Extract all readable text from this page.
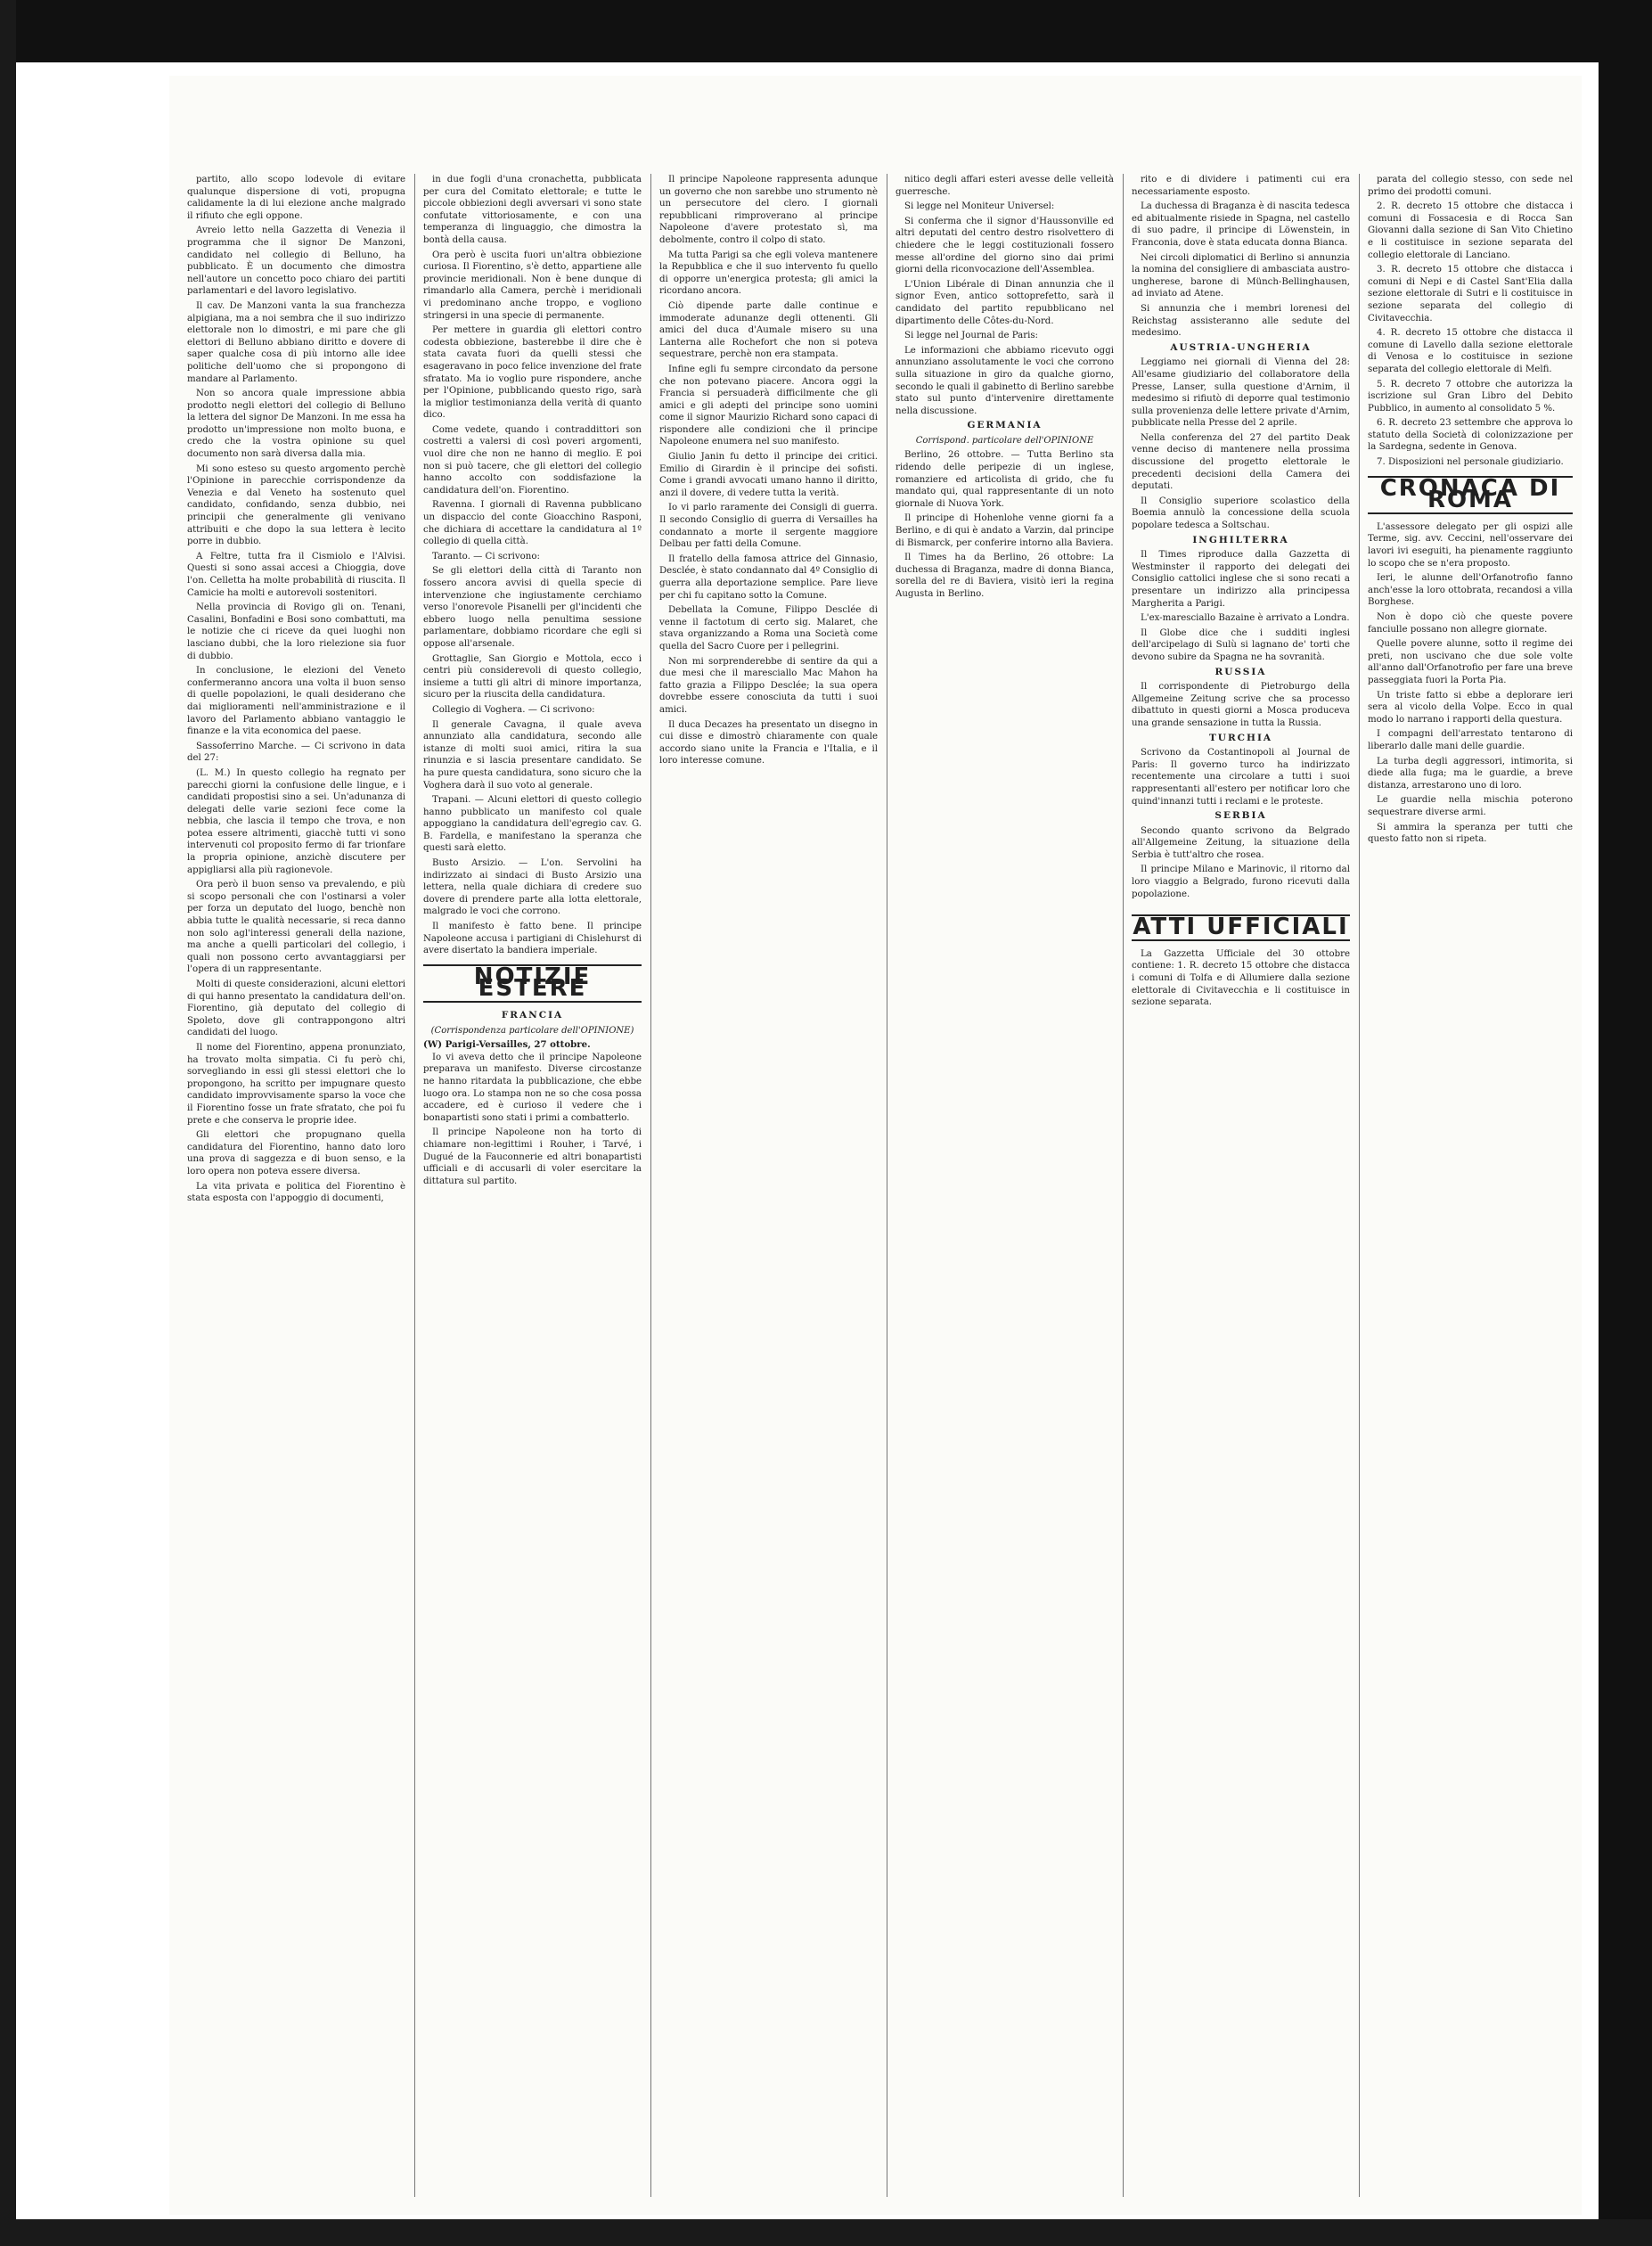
partito, allo scopo lodevole di evitare qualunque dispersione di voti, propugna calidamente la di lui elezione anche malgrado il rifiuto che egli oppone.

Avreio letto nella Gazzetta di Venezia il programma che il signor De Manzoni, candidato nel collegio di Belluno, ha pubblicato. È un documento che dimostra nell'autore un concetto poco chiaro dei partiti parlamentari e del lavoro legislativo.

Il cav. De Manzoni vanta la sua franchezza alpigiana, ma a noi sembra che il suo indirizzo elettorale non lo dimostri, e mi pare che gli elettori di Belluno abbiano diritto e dovere di saper qualche cosa di più intorno alle idee politiche dell'uomo che si propongono di mandare al Parlamento.

Non so ancora quale impressione abbia prodotto negli elettori del collegio di Belluno la lettera del signor De Manzoni. In me essa ha prodotto un'impressione non molto buona, e credo che la vostra opinione su quel documento non sarà diversa dalla mia.

Mi sono esteso su questo argomento perchè l'Opinione in parecchie corrispondenze da Venezia e dal Veneto ha sostenuto quel candidato, confidando, senza dubbio, nei principii che generalmente gli venivano attribuiti e che dopo la sua lettera è lecito porre in dubbio.

A Feltre, tutta fra il Cismiolo e l'Alvisi. Questi si sono assai accesi a Chioggia, dove l'on. Celletta ha molte probabilità di riuscita. Il Camicie ha molti e autorevoli sostenitori.

Nella provincia di Rovigo gli on. Tenani, Casalini, Bonfadini e Bosi sono combattuti, ma le notizie che ci riceve da quei luoghi non lasciano dubbi, che la loro rielezione sia fuor di dubbio.

In conclusione, le elezioni del Veneto confermeranno ancora una volta il buon senso di quelle popolazioni, le quali desiderano che dai miglioramenti nell'amministrazione e il lavoro del Parlamento abbiano vantaggio le finanze e la vita economica del paese.

Sassoferrino Marche. — Ci scrivono in data del 27:

(L. M.) In questo collegio ha regnato per parecchi giorni la confusione delle lingue, e i candidati propostisi sino a sei. Un'adunanza di delegati delle varie sezioni fece come la nebbia, che lascia il tempo che trova, e non potea essere altrimenti, giacchè tutti vi sono intervenuti col proposito fermo di far trionfare la propria opinione, anzichè discutere per appigliarsi alla più ragionevole.

Ora però il buon senso va prevalendo, e più si scopo personali che con l'ostinarsi a voler per forza un deputato del luogo, benchè non abbia tutte le qualità necessarie, si reca danno non solo agl'interessi generali della nazione, ma anche a quelli particolari del collegio, i quali non possono certo avvantaggiarsi per l'opera di un rappresentante.

Molti di queste considerazioni, alcuni elettori di qui hanno presentato la candidatura dell'on. Fiorentino, già deputato del collegio di Spoleto, dove gli contrappongono altri candidati del luogo.

Il nome del Fiorentino, appena pronunziato, ha trovato molta simpatia. Ci fu però chi, sorvegliando in essi gli stessi elettori che lo propongono, ha scritto per impugnare questo candidato improvvisamente sparso la voce che il Fiorentino fosse un frate sfratato, che poi fu prete e che conserva le proprie idee.

Gli elettori che propugnano quella candidatura del Fiorentino, hanno dato loro una prova di saggezza e di buon senso, e la loro opera non poteva essere diversa.

La vita privata e politica del Fiorentino è stata esposta con l'appoggio di documenti,

in due fogli d'una cronachetta, pubblicata per cura del Comitato elettorale; e tutte le piccole obbiezioni degli avversari vi sono state confutate vittoriosamente, e con una temperanza di linguaggio, che dimostra la bontà della causa.

Ora però è uscita fuori un'altra obbiezione curiosa. Il Fiorentino, s'è detto, appartiene alle provincie meridionali. Non è bene dunque di rimandarlo alla Camera, perchè i meridionali vi predominano anche troppo, e vogliono stringersi in una specie di permanente.

Per mettere in guardia gli elettori contro codesta obbiezione, basterebbe il dire che è stata cavata fuori da quelli stessi che esageravano in poco felice invenzione del frate sfratato. Ma io voglio pure rispondere, anche per l'Opinione, pubblicando questo rigo, sarà la miglior testimonianza della verità di quanto dico.

Come vedete, quando i contraddittori son costretti a valersi di così poveri argomenti, vuol dire che non ne hanno di meglio. E poi non si può tacere, che gli elettori del collegio hanno accolto con soddisfazione la candidatura dell'on. Fiorentino.

Ravenna. I giornali di Ravenna pubblicano un dispaccio del conte Gioacchino Rasponi, che dichiara di accettare la candidatura al 1º collegio di quella città.

Taranto. — Ci scrivono:

Se gli elettori della città di Taranto non fossero ancora avvisi di quella specie di intervenzione che ingiustamente cerchiamo verso l'onorevole Pisanelli per gl'incidenti che ebbero luogo nella penultima sessione parlamentare, dobbiamo ricordare che egli si oppose all'arsenale.

Grottaglie, San Giorgio e Mottola, ecco i centri più considerevoli di questo collegio, insieme a tutti gli altri di minore importanza, sicuro per la riuscita della candidatura.

Collegio di Voghera. — Ci scrivono:

Il generale Cavagna, il quale aveva annunziato alla candidatura, secondo alle istanze di molti suoi amici, ritira la sua rinunzia e si lascia presentare candidato. Se ha pure questa candidatura, sono sicuro che la Voghera darà il suo voto al generale.

Trapani. — Alcuni elettori di questo collegio hanno pubblicato un manifesto col quale appoggiano la candidatura dell'egregio cav. G. B. Fardella, e manifestano la speranza che questi sarà eletto.

Busto Arsizio. — L'on. Servolini ha indirizzato ai sindaci di Busto Arsizio una lettera, nella quale dichiara di credere suo dovere di prendere parte alla lotta elettorale, malgrado le voci che corrono.

Il manifesto è fatto bene. Il principe Napoleone accusa i partigiani di Chislehurst di avere disertato la bandiera imperiale.

NOTIZIE ESTERE
FRANCIA
(Corrispondenza particolare dell'OPINIONE)
(W) Parigi-Versailles, 27 ottobre.

Io vi aveva detto che il principe Napoleone preparava un manifesto. Diverse circostanze ne hanno ritardata la pubblicazione, che ebbe luogo ora. Lo stampa non ne so che cosa possa accadere, ed è curioso il vedere che i bonapartisti sono stati i primi a combatterlo.

Il principe Napoleone non ha torto di chiamare non-legittimi i Rouher, i Tarvé, i Dugué de la Fauconnerie ed altri bonapartisti ufficiali e di accusarli di voler esercitare la dittatura sul partito.

Il principe Napoleone rappresenta adunque un governo che non sarebbe uno strumento nè un persecutore del clero. I giornali repubblicani rimproverano al principe Napoleone d'avere protestato sì, ma debolmente, contro il colpo di stato.

Ma tutta Parigi sa che egli voleva mantenere la Repubblica e che il suo intervento fu quello di opporre un'energica protesta; gli amici la ricordano ancora.

Ciò dipende parte dalle continue e immoderate adunanze degli ottenenti. Gli amici del duca d'Aumale misero su una Lanterna alle Rochefort che non si poteva sequestrare, perchè non era stampata.

Infine egli fu sempre circondato da persone che non potevano piacere. Ancora oggi la Francia si persuaderà difficilmente che gli amici e gli adepti del principe sono uomini come il signor Maurizio Richard sono capaci di rispondere alle condizioni che il principe Napoleone enumera nel suo manifesto.

Giulio Janin fu detto il principe dei critici. Emilio di Girardin è il principe dei sofisti. Come i grandi avvocati umano hanno il diritto, anzi il dovere, di vedere tutta la verità.

Io vi parlo raramente dei Consigli di guerra. Il secondo Consiglio di guerra di Versailles ha condannato a morte il sergente maggiore Delbau per fatti della Comune.

Il fratello della famosa attrice del Ginnasio, Desclée, è stato condannato dal 4º Consiglio di guerra alla deportazione semplice. Pare lieve per chi fu capitano sotto la Comune.

Debellata la Comune, Filippo Desclée di venne il factotum di certo sig. Malaret, che stava organizzando a Roma una Società come quella del Sacro Cuore per i pellegrini.

Non mi sorprenderebbe di sentire da qui a due mesi che il maresciallo Mac Mahon ha fatto grazia a Filippo Desclée; la sua opera dovrebbe essere conosciuta da tutti i suoi amici.

Il duca Decazes ha presentato un disegno in cui disse e dimostrò chiaramente con quale accordo siano unite la Francia e l'Italia, e il loro interesse comune.

nitico degli affari esteri avesse delle velleità guerresche.

Si legge nel Moniteur Universel:

Si conferma che il signor d'Haussonville ed altri deputati del centro destro risolvettero di chiedere che le leggi costituzionali fossero messe all'ordine del giorno sino dai primi giorni della riconvocazione dell'Assemblea.

L'Union Libérale di Dinan annunzia che il signor Even, antico sottoprefetto, sarà il candidato del partito repubblicano nel dipartimento delle Côtes-du-Nord.

Si legge nel Journal de Paris:

Le informazioni che abbiamo ricevuto oggi annunziano assolutamente le voci che corrono sulla situazione in giro da qualche giorno, secondo le quali il gabinetto di Berlino sarebbe stato sul punto d'intervenire direttamente nella discussione.

GERMANIA

Corrispond. particolare dell'OPINIONE

Berlino, 26 ottobre. — Tutta Berlino sta ridendo delle peripezie di un inglese, romanziere ed articolista di grido, che fu mandato qui, qual rappresentante di un noto giornale di Nuova York.

Il principe di Hohenlohe venne giorni fa a Berlino, e di qui è andato a Varzin, dal principe di Bismarck, per conferire intorno alla Baviera.

Il Times ha da Berlino, 26 ottobre: La duchessa di Braganza, madre di donna Bianca, sorella del re di Baviera, visitò ieri la regina Augusta in Berlino.

rito e di dividere i patimenti cui era necessariamente esposto.

La duchessa di Braganza è di nascita tedesca ed abitualmente risiede in Spagna, nel castello di suo padre, il principe di Löwenstein, in Franconia, dove è stata educata donna Bianca.

Nei circoli diplomatici di Berlino si annunzia la nomina del consigliere di ambasciata austro-ungherese, barone di Münch-Bellinghausen, ad inviato ad Atene.

Si annunzia che i membri lorenesi del Reichstag assisteranno alle sedute del medesimo.

AUSTRIA-UNGHERIA

Leggiamo nei giornali di Vienna del 28: All'esame giudiziario del collaboratore della Presse, Lanser, sulla questione d'Arnim, il medesimo si rifiutò di deporre qual testimonio sulla provenienza delle lettere private d'Arnim, pubblicate nella Presse del 2 aprile.

Nella conferenza del 27 del partito Deak venne deciso di mantenere nella prossima discussione del progetto elettorale le precedenti decisioni della Camera dei deputati.

Il Consiglio superiore scolastico della Boemia annulò la concessione della scuola popolare tedesca a Soltschau.

INGHILTERRA

Il Times riproduce dalla Gazzetta di Westminster il rapporto dei delegati dei Consiglio cattolici inglese che si sono recati a presentare un indirizzo alla principessa Margherita a Parigi.

L'ex-maresciallo Bazaine è arrivato a Londra.

Il Globe dice che i sudditi inglesi dell'arcipelago di Sulù si lagnano de' torti che devono subire da Spagna ne ha sovranità.

RUSSIA

Il corrispondente di Pietroburgo della Allgemeine Zeitung scrive che sa processo dibattuto in questi giorni a Mosca produceva una grande sensazione in tutta la Russia.

TURCHIA

Scrivono da Costantinopoli al Journal de Paris: Il governo turco ha indirizzato recentemente una circolare a tutti i suoi rappresentanti all'estero per notificar loro che quind'innanzi tutti i reclami e le proteste.

SERBIA

Secondo quanto scrivono da Belgrado all'Allgemeine Zeitung, la situazione della Serbia è tutt'altro che rosea.

Il principe Milano e Marinovic, il ritorno dal loro viaggio a Belgrado, furono ricevuti dalla popolazione.

ATTI UFFICIALI

La Gazzetta Ufficiale del 30 ottobre contiene: 1. R. decreto 15 ottobre che distacca i comuni di Tolfa e di Allumiere dalla sezione elettorale di Civitavecchia e li costituisce in sezione separata.

parata del collegio stesso, con sede nel primo dei prodotti comuni.

2. R. decreto 15 ottobre che distacca i comuni di Fossacesia e di Rocca San Giovanni dalla sezione di San Vito Chietino e li costituisce in sezione separata del collegio elettorale di Lanciano.

3. R. decreto 15 ottobre che distacca i comuni di Nepi e di Castel Sant'Elia dalla sezione elettorale di Sutri e li costituisce in sezione separata del collegio di Civitavecchia.

4. R. decreto 15 ottobre che distacca il comune di Lavello dalla sezione elettorale di Venosa e lo costituisce in sezione separata del collegio elettorale di Melfi.

5. R. decreto 7 ottobre che autorizza la iscrizione sul Gran Libro del Debito Pubblico, in aumento al consolidato 5 %.

6. R. decreto 23 settembre che approva lo statuto della Società di colonizzazione per la Sardegna, sedente in Genova.

7. Disposizioni nel personale giudiziario.

CRONACA DI ROMA

L'assessore delegato per gli ospizi alle Terme, sig. avv. Ceccini, nell'osservare dei lavori ivi eseguiti, ha pienamente raggiunto lo scopo che se n'era proposto.

Ieri, le alunne dell'Orfanotrofio fanno anch'esse la loro ottobrata, recandosi a villa Borghese.

Non è dopo ciò che queste povere fanciulle possano non allegre giornate.

Quelle povere alunne, sotto il regime dei preti, non uscivano che due sole volte all'anno dall'Orfanotrofio per fare una breve passeggiata fuori la Porta Pia.

Un triste fatto si ebbe a deplorare ieri sera al vicolo della Volpe. Ecco in qual modo lo narrano i rapporti della questura.

I compagni dell'arrestato tentarono di liberarlo dalle mani delle guardie.

La turba degli aggressori, intimorita, si diede alla fuga; ma le guardie, a breve distanza, arrestarono uno di loro.

Le guardie nella mischia poterono sequestrare diverse armi.

Si ammira la speranza per tutti che questo fatto non si ripeta.
